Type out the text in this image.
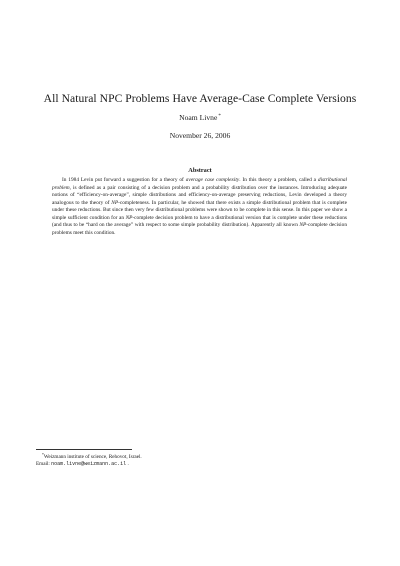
All Natural NPC Problems Have Average-Case Complete Versions
Noam Livne*
November 26, 2006
Abstract
In 1984 Levin put forward a suggestion for a theory of average case complexity. In this theory a problem, called a distributional problem, is defined as a pair consisting of a decision problem and a probability distribution over the instances. Introducing adequate notions of “efficiency-on-average”, simple distributions and efficiency-on-average preserving reductions, Levin developed a theory analogous to the theory of NP-completeness. In particular, he showed that there exists a simple distributional problem that is complete under these reductions. But since then very few distributional problems were shown to be complete in this sense. In this paper we show a simple sufficient condition for an NP-complete decision problem to have a distributional version that is complete under these reductions (and thus to be “hard on the average” with respect to some simple probability distribution). Apparently all known NP-complete decision problems meet this condition.
*Weizmann institute of science, Rehovot, Israel.
Email: noam.livne@weizmann.ac.il .
